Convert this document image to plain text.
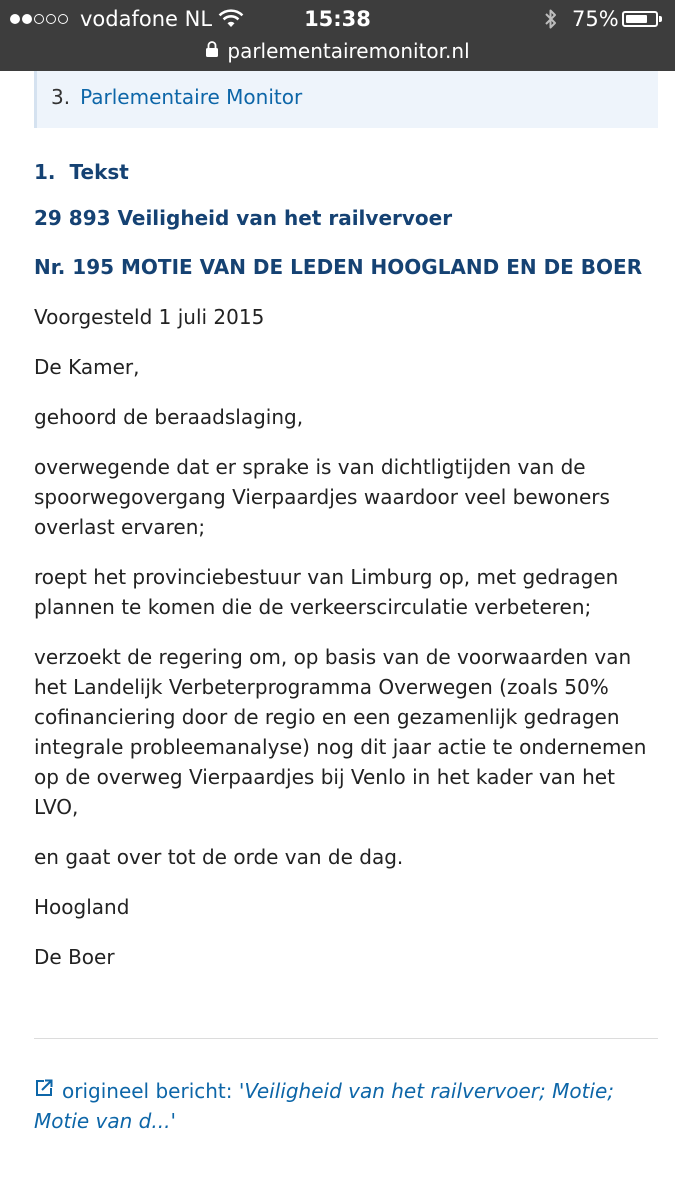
vodafone NL	15:38	75%
parlementairemonitor.nl
3. Parlementaire Monitor
1. Tekst
29 893 Veiligheid van het railvervoer
Nr. 195 MOTIE VAN DE LEDEN HOOGLAND EN DE BOER

Voorgesteld 1 juli 2015

De Kamer,

gehoord de beraadslaging,

overwegende dat er sprake is van dichtligtijden van de spoorwegovergang Vierpaardjes waardoor veel bewoners overlast ervaren;

roept het provinciebestuur van Limburg op, met gedragen plannen te komen die de verkeerscirculatie verbeteren;

verzoekt de regering om, op basis van de voorwaarden van het Landelijk Verbeterprogramma Overwegen (zoals 50% cofinanciering door de regio en een gezamenlijk gedragen integrale probleemanalyse) nog dit jaar actie te ondernemen op de overweg Vierpaardjes bij Venlo in het kader van het LVO,

en gaat over tot de orde van de dag.

Hoogland

De Boer

origineel bericht: 'Veiligheid van het railvervoer; Motie; Motie van d...'
